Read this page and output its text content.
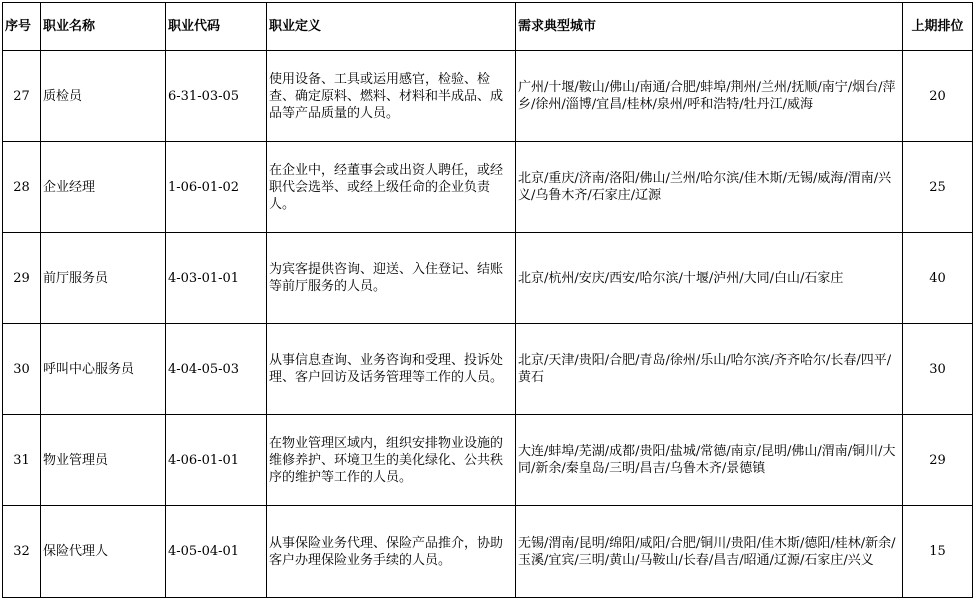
序号	职业名称	职业代码	职业定义	需求典型城市	上期排位
27	质检员	6-31-03-05	使用设备、工具或运用感官，检验、检查、确定原料、燃料、材料和半成品、成品等产品质量的人员。	广州/十堰/鞍山/佛山/南通/合肥/蚌埠/荆州/兰州/抚顺/南宁/烟台/萍乡/徐州/淄博/宜昌/桂林/泉州/呼和浩特/牡丹江/威海	20
28	企业经理	1-06-01-02	在企业中，经董事会或出资人聘任，或经职代会选举、或经上级任命的企业负责人。	北京/重庆/济南/洛阳/佛山/兰州/哈尔滨/佳木斯/无锡/威海/渭南/兴义/乌鲁木齐/石家庄/辽源	25
29	前厅服务员	4-03-01-01	为宾客提供咨询、迎送、入住登记、结账等前厅服务的人员。	北京/杭州/安庆/西安/哈尔滨/十堰/泸州/大同/白山/石家庄	40
30	呼叫中心服务员	4-04-05-03	从事信息查询、业务咨询和受理、投诉处理、客户回访及话务管理等工作的人员。	北京/天津/贵阳/合肥/青岛/徐州/乐山/哈尔滨/齐齐哈尔/长春/四平/黄石	30
31	物业管理员	4-06-01-01	在物业管理区域内，组织安排物业设施的维修养护、环境卫生的美化绿化、公共秩序的维护等工作的人员。	大连/蚌埠/芜湖/成都/贵阳/盐城/常德/南京/昆明/佛山/渭南/铜川/大同/新余/秦皇岛/三明/昌吉/乌鲁木齐/景德镇	29
32	保险代理人	4-05-04-01	从事保险业务代理、保险产品推介，协助客户办理保险业务手续的人员。	无锡/渭南/昆明/绵阳/咸阳/合肥/铜川/贵阳/佳木斯/德阳/桂林/新余/玉溪/宜宾/三明/黄山/马鞍山/长春/昌吉/昭通/辽源/石家庄/兴义	15
